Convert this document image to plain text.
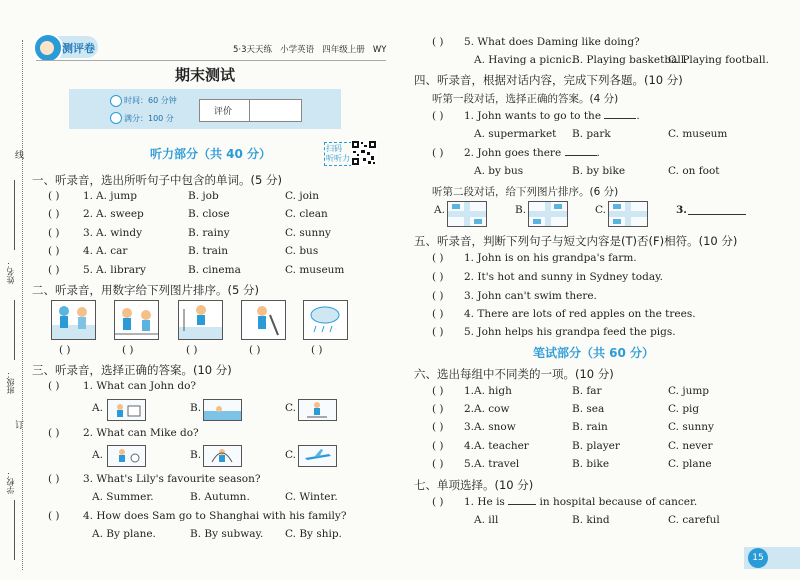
线
姓名：
订
班级：
学校：
测评卷	5·3天天练 小学英语 四年级上册 WY
期末测试
时间：60 分钟
满分：100 分
评价
听力部分（共 40 分）	扫码
听听力
一、听录音，选出所听句子中包含的单词。(5 分)
( ) 1. A. jump	B. job	C. join
( ) 2. A. sweep	B. close	C. clean
( ) 3. A. windy	B. rainy	C. sunny
( ) 4. A. car	B. train	C. bus
( ) 5. A. library	B. cinema	C. museum
二、听录音，用数字给下列图片排序。(5 分)
( )	( )	( )	( )	( )
三、听录音，选择正确的答案。(10 分)
( ) 1. What can John do?
A.	B.	C.
( ) 2. What can Mike do?
A.	B.	C.
( ) 3. What's Lily's favourite season?
A. Summer.	B. Autumn.	C. Winter.
( ) 4. How does Sam go to Shanghai with his family?
A. By plane.	B. By subway. C. By ship.
( ) 5. What does Daming like doing?
A. Having a picnic.
B. Playing basketball.
C. Playing football.
四、听录音，根据对话内容，完成下列各题。(10 分)
听第一段对话，选择正确的答案。(4 分)
( ) 1. John wants to go to the	.
A. supermarket B. park	C. museum
( ) 2. John goes there	.
A. by bus	B. by bike	C. on foot
听第二段对话，给下列图片排序。(6 分)
A.	B.	C.	3.
五、听录音，判断下列句子与短文内容是(T)否(F)相符。(10 分)
( ) 1. John is on his grandpa's farm.
( ) 2. It's hot and sunny in Sydney today.
( ) 3. John can't swim there.
( ) 4. There are lots of red apples on the trees.
( ) 5. John helps his grandpa feed the pigs.
笔试部分（共 60 分）
六、选出每组中不同类的一项。(10 分)
( ) 1. A. high	B. far	C. jump
( ) 2. A. cow	B. sea	C. pig
( ) 3. A. snow	B. rain	C. sunny
( ) 4. A. teacher	B. player	C. never
( ) 5. A. travel	B. bike	C. plane
七、单项选择。(10 分)
( ) 1. He is	in hospital because of cancer.
A. ill	B. kind	C. careful
15
